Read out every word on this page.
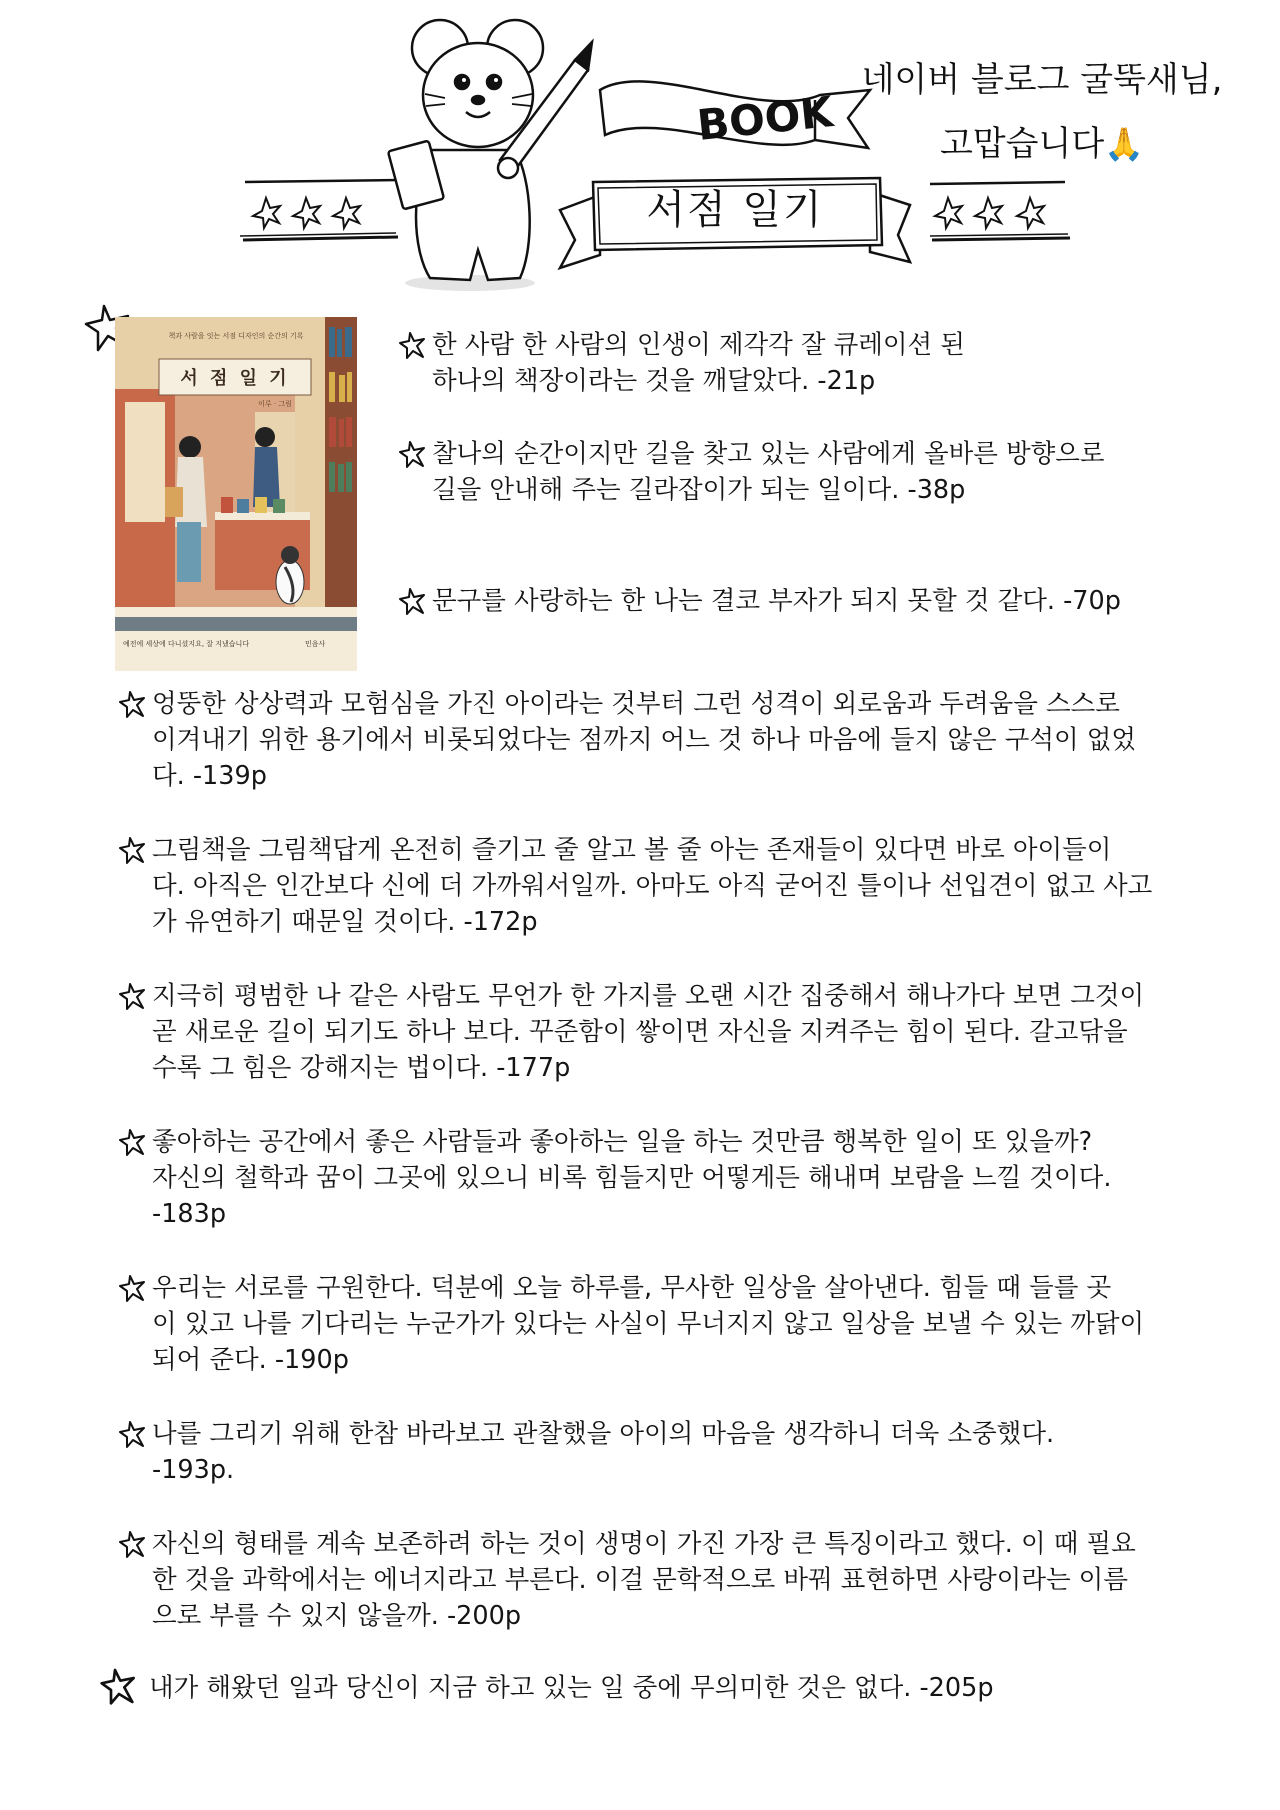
BOOK
서점 일기
네이버 블로그 굴뚝새님,
고맙습니다🙏
책과 사람을 잇는 서점 디자인의 순간의 기록
서 점 일 기
이루 · 그림
예전에 세상에 다니셨지요, 잘 지냈습니다	민음사
한 사람 한 사람의 인생이 제각각 잘 큐레이션 된
하나의 책장이라는 것을 깨달았다. -21p
찰나의 순간이지만 길을 찾고 있는 사람에게 올바른 방향으로
길을 안내해 주는 길라잡이가 되는 일이다. -38p
문구를 사랑하는 한 나는 결코 부자가 되지 못할 것 같다. -70p
엉뚱한 상상력과 모험심을 가진 아이라는 것부터 그런 성격이 외로움과 두려움을 스스로
이겨내기 위한 용기에서 비롯되었다는 점까지 어느 것 하나 마음에 들지 않은 구석이 없었
다. -139p
그림책을 그림책답게 온전히 즐기고 줄 알고 볼 줄 아는 존재들이 있다면 바로 아이들이
다. 아직은 인간보다 신에 더 가까워서일까. 아마도 아직 굳어진 틀이나 선입견이 없고 사고
가 유연하기 때문일 것이다. -172p
지극히 평범한 나 같은 사람도 무언가 한 가지를 오랜 시간 집중해서 해나가다 보면 그것이
곧 새로운 길이 되기도 하나 보다. 꾸준함이 쌓이면 자신을 지켜주는 힘이 된다. 갈고닦을
수록 그 힘은 강해지는 법이다. -177p
좋아하는 공간에서 좋은 사람들과 좋아하는 일을 하는 것만큼 행복한 일이 또 있을까?
자신의 철학과 꿈이 그곳에 있으니 비록 힘들지만 어떻게든 해내며 보람을 느낄 것이다.
-183p
우리는 서로를 구원한다. 덕분에 오늘 하루를, 무사한 일상을 살아낸다. 힘들 때 들를 곳
이 있고 나를 기다리는 누군가가 있다는 사실이 무너지지 않고 일상을 보낼 수 있는 까닭이
되어 준다. -190p
나를 그리기 위해 한참 바라보고 관찰했을 아이의 마음을 생각하니 더욱 소중했다.
-193p.
자신의 형태를 계속 보존하려 하는 것이 생명이 가진 가장 큰 특징이라고 했다. 이 때 필요
한 것을 과학에서는 에너지라고 부른다. 이걸 문학적으로 바꿔 표현하면 사랑이라는 이름
으로 부를 수 있지 않을까. -200p
내가 해왔던 일과 당신이 지금 하고 있는 일 중에 무의미한 것은 없다. -205p
